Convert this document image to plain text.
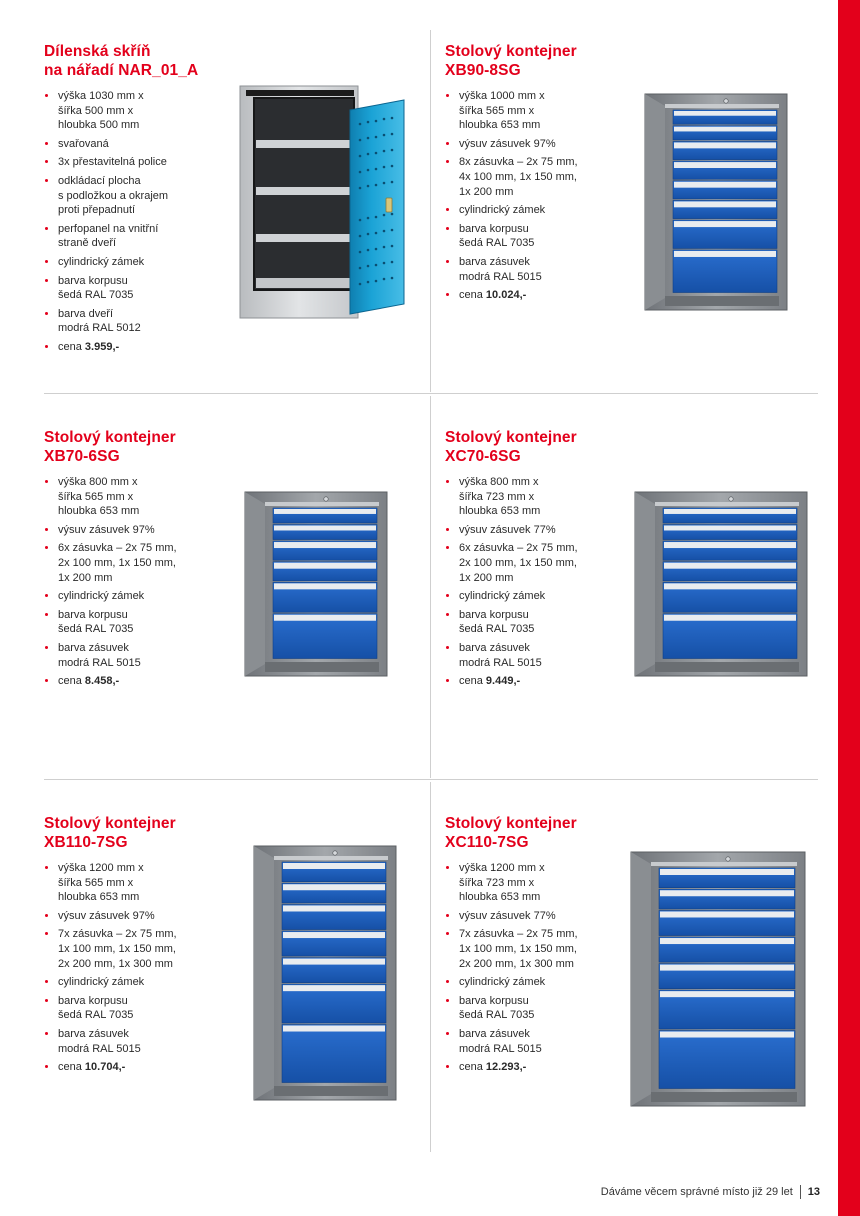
Dílenská skříň
na nářadí NAR_01_A
výška 1030 mm x
šířka 500 mm x
hloubka 500 mm
svařovaná
3x přestavitelná police
odkládací plocha
s podložkou a okrajem
proti přepadnutí
perfopanel na vnitřní
straně dveří
cylindrický zámek
barva korpusu
šedá RAL 7035
barva dveří
modrá RAL 5012
cena 3.959,-
Stolový kontejner
XB90-8SG
výška 1000 mm x
šířka 565 mm x
hloubka 653 mm
výsuv zásuvek 97%
8x zásuvka – 2x 75 mm,
4x 100 mm, 1x 150 mm,
1x 200 mm
cylindrický zámek
barva korpusu
šedá RAL 7035
barva zásuvek
modrá RAL 5015
cena 10.024,-
Stolový kontejner
XB70-6SG
výška 800 mm x
šířka 565 mm x
hloubka 653 mm
výsuv zásuvek 97%
6x zásuvka – 2x 75 mm,
2x 100 mm, 1x 150 mm,
1x 200 mm
cylindrický zámek
barva korpusu
šedá RAL 7035
barva zásuvek
modrá RAL 5015
cena 8.458,-
Stolový kontejner
XC70-6SG
výška 800 mm x
šířka 723 mm x
hloubka 653 mm
výsuv zásuvek 77%
6x zásuvka – 2x 75 mm,
2x 100 mm, 1x 150 mm,
1x 200 mm
cylindrický zámek
barva korpusu
šedá RAL 7035
barva zásuvek
modrá RAL 5015
cena 9.449,-
Stolový kontejner
XB110-7SG
výška 1200 mm x
šířka 565 mm x
hloubka 653 mm
výsuv zásuvek 97%
7x zásuvka – 2x 75 mm,
1x 100 mm, 1x 150 mm,
2x 200 mm, 1x 300 mm
cylindrický zámek
barva korpusu
šedá RAL 7035
barva zásuvek
modrá RAL 5015
cena 10.704,-
Stolový kontejner
XC110-7SG
výška 1200 mm x
šířka 723 mm x
hloubka 653 mm
výsuv zásuvek 77%
7x zásuvka – 2x 75 mm,
1x 100 mm, 1x 150 mm,
2x 200 mm, 1x 300 mm
cylindrický zámek
barva korpusu
šedá RAL 7035
barva zásuvek
modrá RAL 5015
cena 12.293,-
Dáváme věcem správné místo již 29 let 13
